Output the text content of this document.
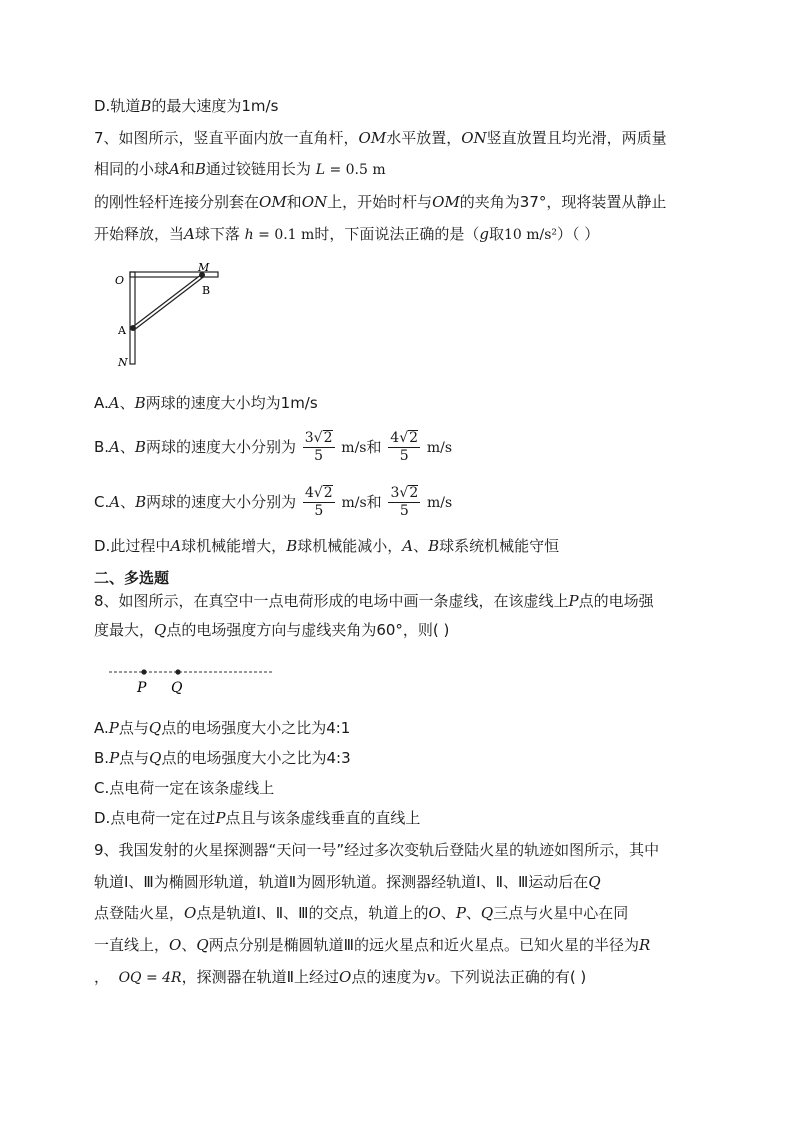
D.轨道B的最大速度为1m/s
7、如图所示，竖直平面内放一直角杆，OM水平放置，ON竖直放置且均光滑，两质量
相同的小球A和B通过铰链用长为 L = 0.5 m
的刚性轻杆连接分别套在OM和ON上，开始时杆与OM的夹角为37°，现将装置从静止
开始释放，当A球下落 h = 0.1 m时，下面说法正确的是（g取10 m/s²）（ ）
O
M
B
A
N
A.A、B两球的速度大小均为1m/s
B.A、B两球的速度大小分别为 $\frac{3√2}{5} m/s$和 $\frac{4√2}{5} m/s$
C.A、B两球的速度大小分别为 $\frac{4√2}{5} m/s$和 $\frac{3√2}{5} m/s$
D.此过程中A球机械能增大，B球机械能减小，A、B球系统机械能守恒
二、多选题
8、如图所示，在真空中一点电荷形成的电场中画一条虚线，在该虚线上P点的电场强
度最大，Q点的电场强度方向与虚线夹角为60°，则( )
P Q
A.P点与Q点的电场强度大小之比为4:1
B.P点与Q点的电场强度大小之比为4:3
C.点电荷一定在该条虚线上
D.点电荷一定在过P点且与该条虚线垂直的直线上
9、我国发射的火星探测器“天问一号”经过多次变轨后登陆火星的轨迹如图所示，其中
轨道Ⅰ、Ⅲ为椭圆形轨道，轨道Ⅱ为圆形轨道。探测器经轨道Ⅰ、Ⅱ、Ⅲ运动后在Q
点登陆火星，O点是轨道Ⅰ、Ⅱ、Ⅲ的交点，轨道上的O、P、Q三点与火星中心在同
一直线上，O、Q两点分别是椭圆轨道Ⅲ的远火星点和近火星点。已知火星的半径为R
， OQ = 4R，探测器在轨道Ⅱ上经过O点的速度为v。下列说法正确的有( )
